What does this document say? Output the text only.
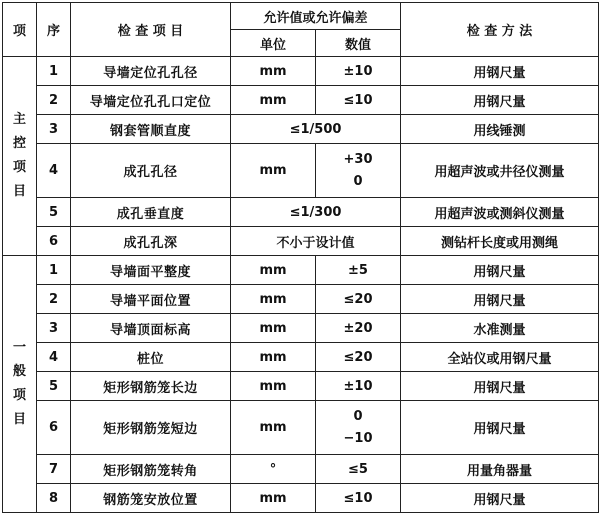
项	序	检 查 项 目	允许值或允许偏差		检 查 方 法
			单位	数值	

主
控
项
目	1	导墙定位孔孔径	mm	±10	用钢尺量
	2	导墙定位孔孔口定位	mm	≤10	用钢尺量
	3	钢套管顺直度	≤1/500		用线锤测
	4	成孔孔径	mm	+30
0	用超声波或井径仪测量
	5	成孔垂直度	≤1/300		用超声波或测斜仪测量
	6	成孔孔深	不小于设计值		测钻杆长度或用测绳

一
般
项
目	1	导墙面平整度	mm	±5	用钢尺量
	2	导墙平面位置	mm	≤20	用钢尺量
	3	导墙顶面标高	mm	±20	水准测量
	4	桩位	mm	≤20	全站仪或用钢尺量
	5	矩形钢筋笼长边	mm	±10	用钢尺量
	6	矩形钢筋笼短边	mm	0
−10	用钢尺量
	7	矩形钢筋笼转角	°	≤5	用量角器量
	8	钢筋笼安放位置	mm	≤10	用钢尺量
